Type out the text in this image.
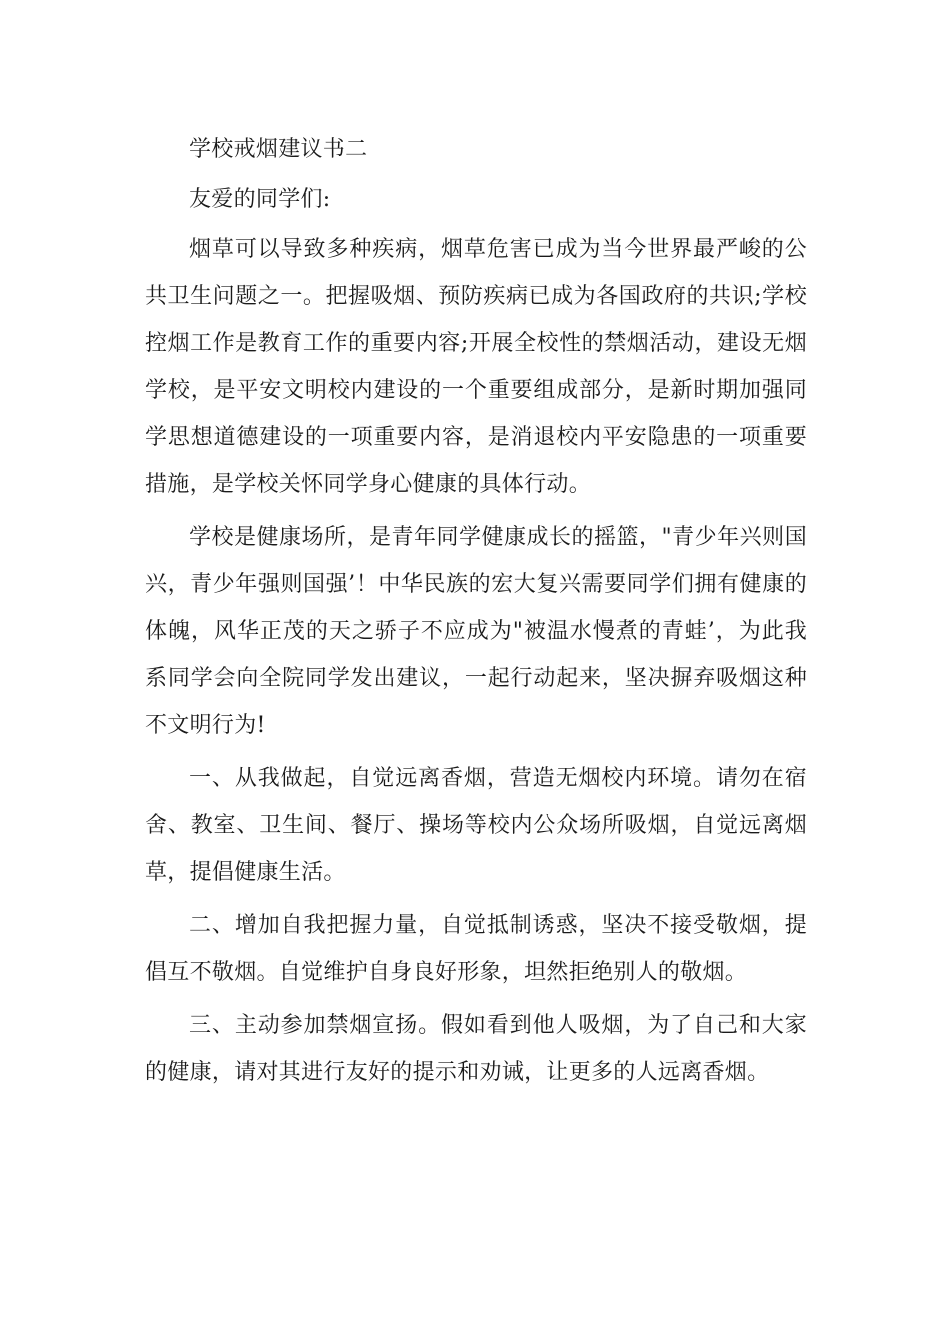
学校戒烟建议书二

友爱的同学们:

烟草可以导致多种疾病，烟草危害已成为当今世界最严峻的公共卫生问题之一。把握吸烟、预防疾病已成为各国政府的共识;学校控烟工作是教育工作的重要内容;开展全校性的禁烟活动，建设无烟学校，是平安文明校内建设的一个重要组成部分，是新时期加强同学思想道德建设的一项重要内容，是消退校内平安隐患的一项重要措施，是学校关怀同学身心健康的具体行动。

学校是健康场所，是青年同学健康成长的摇篮，"青少年兴则国兴，青少年强则国强’！中华民族的宏大复兴需要同学们拥有健康的体魄，风华正茂的天之骄子不应成为"被温水慢煮的青蛙’，为此我系同学会向全院同学发出建议，一起行动起来，坚决摒弃吸烟这种不文明行为!

一、从我做起，自觉远离香烟，营造无烟校内环境。请勿在宿舍、教室、卫生间、餐厅、操场等校内公众场所吸烟，自觉远离烟草，提倡健康生活。

二、增加自我把握力量，自觉抵制诱惑，坚决不接受敬烟，提倡互不敬烟。自觉维护自身良好形象，坦然拒绝别人的敬烟。

三、主动参加禁烟宣扬。假如看到他人吸烟，为了自己和大家的健康，请对其进行友好的提示和劝诫，让更多的人远离香烟。
